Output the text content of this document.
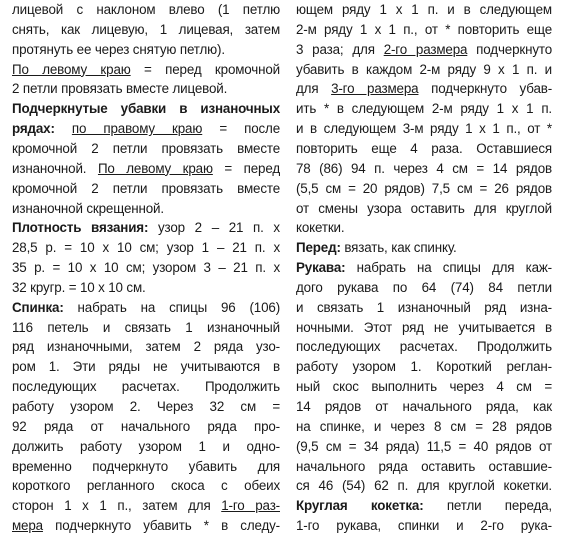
лицевой с наклоном влево (1 петлю
снять, как лицевую, 1 лицевая, затем
протянуть ее через снятую петлю).
По левому краю = перед кромочной
2 петли провязать вместе лицевой.
Подчеркнутые убавки в изнаночных
рядах: по правому краю = после
кромочной 2 петли провязать вместе
изнаночной. По левому краю = перед
кромочной 2 петли провязать вместе
изнаночной скрещенной.
Плотность вязания: узор 2 – 21 п. х
28,5 р. = 10 х 10 см; узор 1 – 21 п. х
35 р. = 10 х 10 см; узором 3 – 21 п. х
32 кругр. = 10 х 10 см.
Спинка: набрать на спицы 96 (106)
116 петель и связать 1 изнаночный
ряд изнаночными, затем 2 ряда узо-
ром 1. Эти ряды не учитываются в
последующих расчетах. Продолжить
работу узором 2. Через 32 см =
92 ряда от начального ряда про-
должить работу узором 1 и одно-
временно подчеркнуто убавить для
короткого регланного скоса с обеих
сторон 1 х 1 п., затем для 1-го раз-
мера подчеркнуто убавить * в следу-
ющем ряду 1 х 1 п. и в следующем
2-м ряду 1 х 1 п., от * повторить еще
3 раза; для 2-го размера подчеркнуто
убавить в каждом 2-м ряду 9 х 1 п. и
для 3-го размера подчеркнуто убав-
ить * в следующем 2-м ряду 1 х 1 п.
и в следующем 3-м ряду 1 х 1 п., от *
повторить еще 4 раза. Оставшиеся
78 (86) 94 п. через 4 см = 14 рядов
(5,5 см = 20 рядов) 7,5 см = 26 рядов
от смены узора оставить для круглой
кокетки.
Перед: вязать, как спинку.
Рукава: набрать на спицы для каж-
дого рукава по 64 (74) 84 петли
и связать 1 изнаночный ряд изна-
ночными. Этот ряд не учитывается в
последующих расчетах. Продолжить
работу узором 1. Короткий реглан-
ный скос выполнить через 4 см =
14 рядов от начального ряда, как
на спинке, и через 8 см = 28 рядов
(9,5 см = 34 ряда) 11,5 = 40 рядов от
начального ряда оставить оставшие-
ся 46 (54) 62 п. для круглой кокетки.
Круглая кокетка: петли переда,
1-го рукава, спинки и 2-го рука-
